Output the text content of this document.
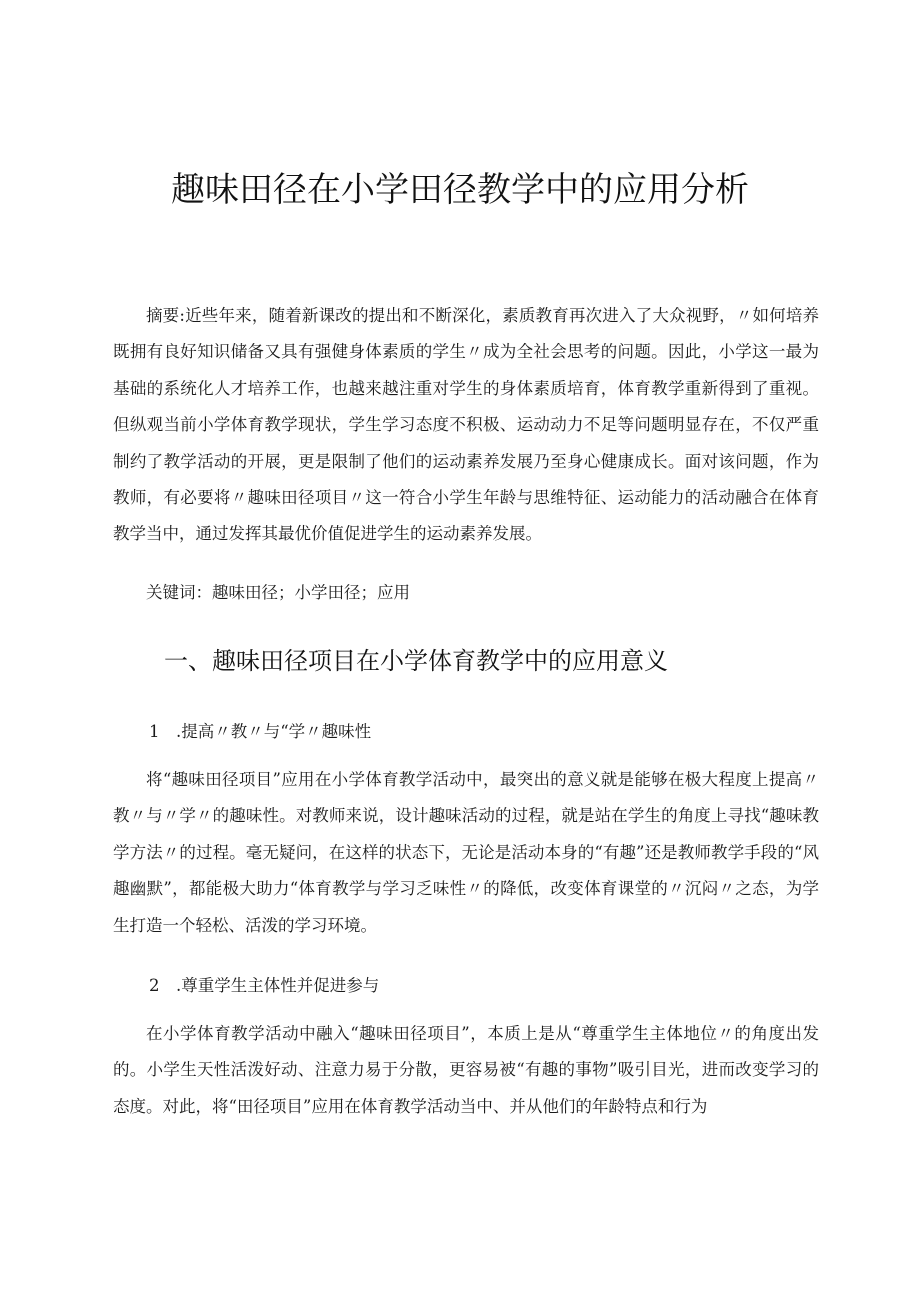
趣味田径在小学田径教学中的应用分析

摘要:近些年来，随着新课改的提出和不断深化，素质教育再次进入了大众视野，〃如何培养既拥有良好知识储备又具有强健身体素质的学生〃成为全社会思考的问题。因此，小学这一最为基础的系统化人才培养工作，也越来越注重对学生的身体素质培育，体育教学重新得到了重视。但纵观当前小学体育教学现状，学生学习态度不积极、运动动力不足等问题明显存在，不仅严重制约了教学活动的开展，更是限制了他们的运动素养发展乃至身心健康成长。面对该问题，作为教师，有必要将〃趣味田径项目〃这一符合小学生年龄与思维特征、运动能力的活动融合在体育教学当中，通过发挥其最优价值促进学生的运动素养发展。

关键词：趣味田径；小学田径；应用

一、趣味田径项目在小学体育教学中的应用意义

1　.提高〃教〃与“学〃趣味性

将“趣味田径项目”应用在小学体育教学活动中，最突出的意义就是能够在极大程度上提高〃教〃与〃学〃的趣味性。对教师来说，设计趣味活动的过程，就是站在学生的角度上寻找“趣味教学方法〃的过程。毫无疑问，在这样的状态下，无论是活动本身的“有趣”还是教师教学手段的“风趣幽默”，都能极大助力“体育教学与学习乏味性〃的降低，改变体育课堂的〃沉闷〃之态，为学生打造一个轻松、活泼的学习环境。

2　.尊重学生主体性并促进参与

在小学体育教学活动中融入“趣味田径项目”，本质上是从“尊重学生主体地位〃的角度出发的。小学生天性活泼好动、注意力易于分散，更容易被“有趣的事物”吸引目光，进而改变学习的态度。对此，将“田径项目”应用在体育教学活动当中、并从他们的年龄特点和行为
